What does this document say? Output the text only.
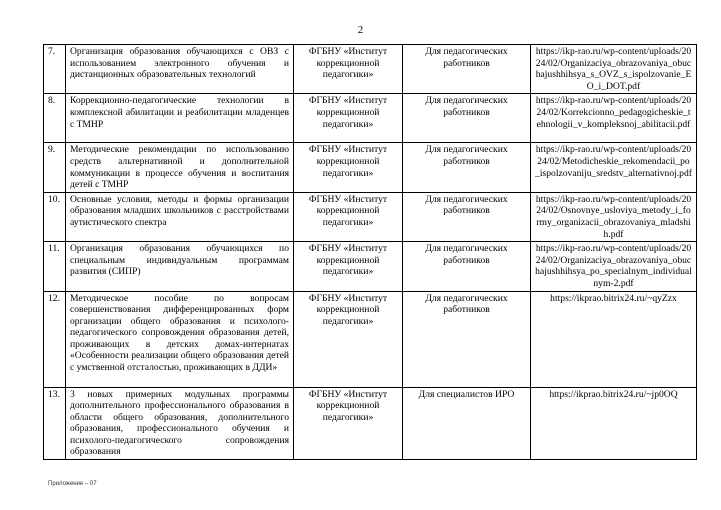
2
7.	Организация образования обучающихся с ОВЗ с использованием электронного обучения и дистанционных образовательных технологий	ФГБНУ «Институт коррекционной педагогики»	Для педагогических работников	https://ikp-rao.ru/wp-content/uploads/2024/02/Organizaciya_obrazovaniya_obuchajushhihsya_s_OVZ_s_ispolzovanie_EO_i_DOT.pdf
8.	Коррекционно-педагогические технологии в комплексной абилитации и реабилитации младенцев с ТМНР	ФГБНУ «Институт коррекционной педагогики»	Для педагогических работников	https://ikp-rao.ru/wp-content/uploads/2024/02/Korrekcionno_pedagogicheskie_tehnologii_v_kompleksnoj_abilitacii.pdf
9.	Методические рекомендации по использованию средств альтернативной и дополнительной коммуникации в процессе обучения и воспитания детей с ТМНР	ФГБНУ «Институт коррекционной педагогики»	Для педагогических работников	https://ikp-rao.ru/wp-content/uploads/2024/02/Metodicheskie_rekomendacii_po_ispolzovaniju_sredstv_alternativnoj.pdf
10.	Основные условия, методы и формы организации образования младших школьников с расстройствами аутистического спектра	ФГБНУ «Институт коррекционной педагогики»	Для педагогических работников	https://ikp-rao.ru/wp-content/uploads/2024/02/Osnovnye_usloviya_metody_i_formy_organizacii_obrazovaniya_mladshih.pdf
11.	Организация образования обучающихся по специальным индивидуальным программам развития (СИПР)	ФГБНУ «Институт коррекционной педагогики»	Для педагогических работников	https://ikp-rao.ru/wp-content/uploads/2024/02/Organizaciya_obrazovaniya_obuchajushhihsya_po_specialnym_individualnym-2.pdf
12.	Методическое пособие по вопросам совершенствования дифференцированных форм организации общего образования и психолого-педагогического сопровождения образования детей, проживающих в детских домах-интернатах «Особенности реализации общего образования детей с умственной отсталостью, проживающих в ДДИ»	ФГБНУ «Институт коррекционной педагогики»	Для педагогических работников	https://ikprao.bitrix24.ru/~qyZzx
13.	3 новых примерных модульных программы дополнительного профессионального образования в области общего образования, дополнительного образования, профессионального обучения и психолого-педагогического сопровождения образования	ФГБНУ «Институт коррекционной педагогики»	Для специалистов ИРО	https://ikprao.bitrix24.ru/~jp0OQ
Приложение – 07
